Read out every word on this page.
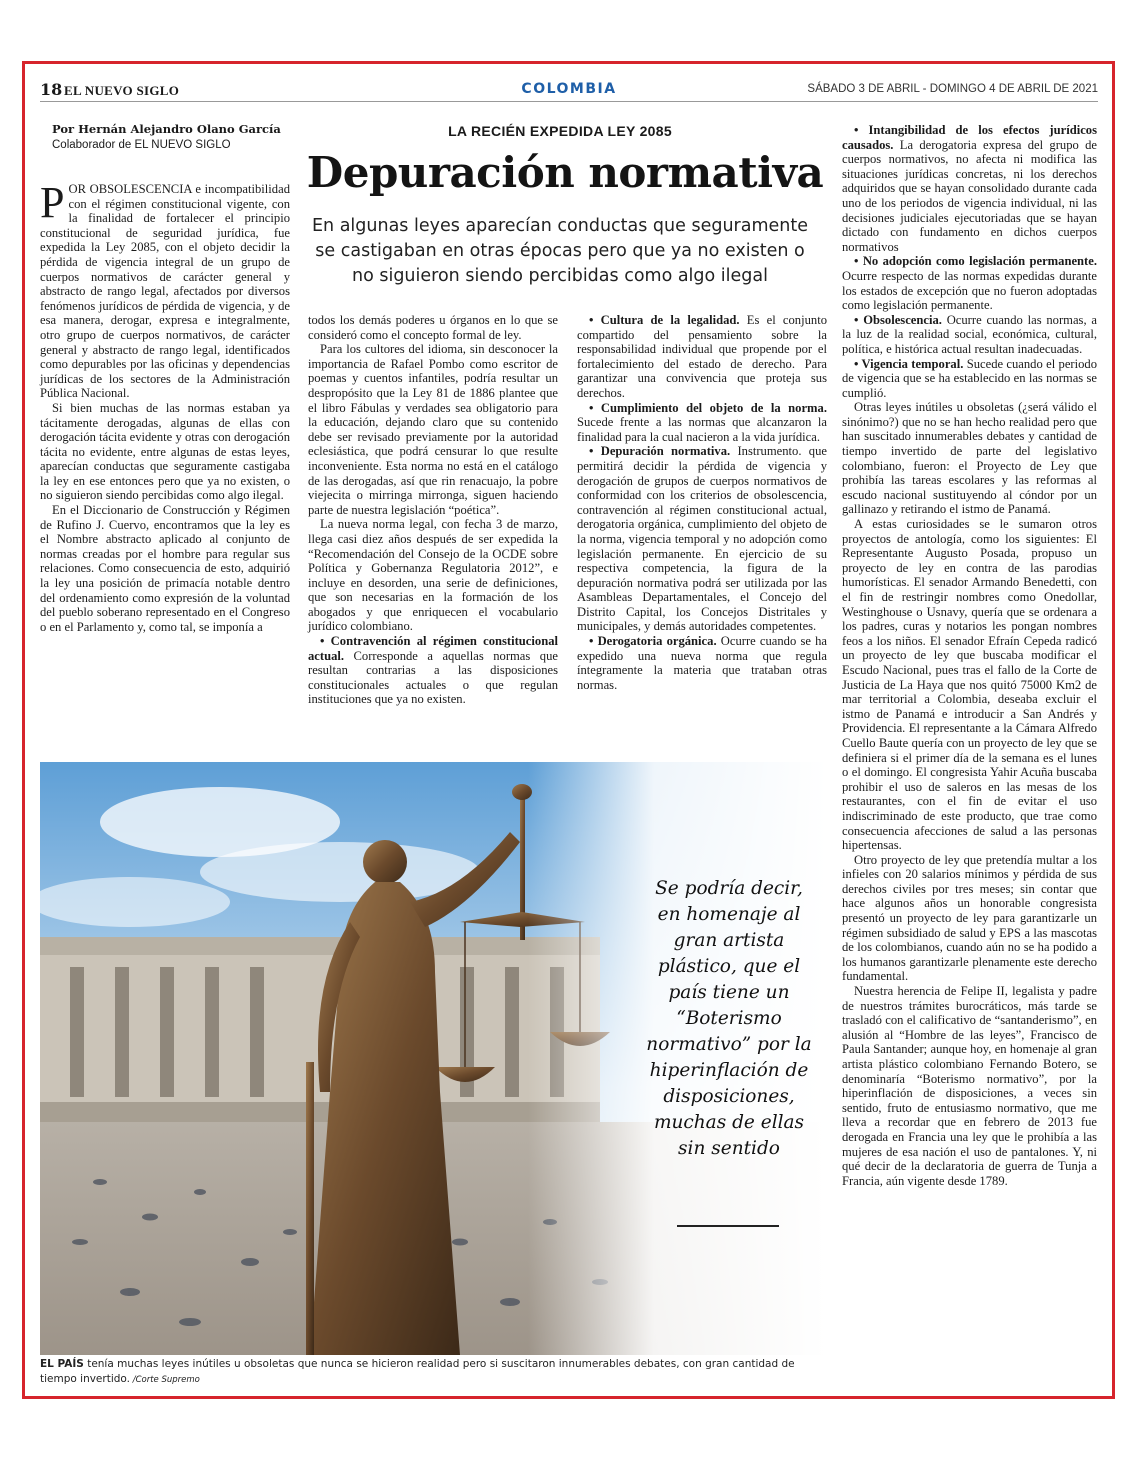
18 EL NUEVO SIGLO	COLOMBIA	SÁBADO 3 DE ABRIL - DOMINGO 4 DE ABRIL DE 2021
Por Hernán Alejandro Olano García
Colaborador de EL NUEVO SIGLO
LA RECIÉN EXPEDIDA LEY 2085
Depuración normativa
En algunas leyes aparecían conductas que seguramente se castigaban en otras épocas pero que ya no existen o no siguieron siendo percibidas como algo ilegal

POR OBSOLESCENCIA e incompatibilidad con el régimen constitucional vigente, con la finalidad de fortalecer el principio constitucional de seguridad jurídica, fue expedida la Ley 2085, con el objeto decidir la pérdida de vigencia integral de un grupo de cuerpos normativos de carácter general y abstracto de rango legal, afectados por diversos fenómenos jurídicos de pérdida de vigencia, y de esa manera, derogar, expresa e integralmente, otro grupo de cuerpos normativos, de carácter general y abstracto de rango legal, identificados como depurables por las oficinas y dependencias jurídicas de los sectores de la Administración Pública Nacional.

Si bien muchas de las normas estaban ya tácitamente derogadas, algunas de ellas con derogación tácita evidente y otras con derogación tácita no evidente, entre algunas de estas leyes, aparecían conductas que seguramente castigaba la ley en ese entonces pero que ya no existen, o no siguieron siendo percibidas como algo ilegal.

En el Diccionario de Construcción y Régimen de Rufino J. Cuervo, encontramos que la ley es el Nombre abstracto aplicado al conjunto de normas creadas por el hombre para regular sus relaciones. Como consecuencia de esto, adquirió la ley una posición de primacía notable dentro del ordenamiento como expresión de la voluntad del pueblo soberano representado en el Congreso o en el Parlamento y, como tal, se imponía a

todos los demás poderes u órganos en lo que se consideró como el concepto formal de ley.

Para los cultores del idioma, sin desconocer la importancia de Rafael Pombo como escritor de poemas y cuentos infantiles, podría resultar un despropósito que la Ley 81 de 1886 plantee que el libro Fábulas y verdades sea obligatorio para la educación, dejando claro que su contenido debe ser revisado previamente por la autoridad eclesiástica, que podrá censurar lo que resulte inconveniente. Esta norma no está en el catálogo de las derogadas, así que rin renacuajo, la pobre viejecita o mirringa mirronga, siguen haciendo parte de nuestra legislación “poética”.

La nueva norma legal, con fecha 3 de marzo, llega casi diez años después de ser expedida la “Recomendación del Consejo de la OCDE sobre Política y Gobernanza Regulatoria 2012”, e incluye en desorden, una serie de definiciones, que son necesarias en la formación de los abogados y que enriquecen el vocabulario jurídico colombiano.

• Contravención al régimen constitucional actual. Corresponde a aquellas normas que resultan contrarias a las disposiciones constitucionales actuales o que regulan instituciones que ya no existen.

• Cultura de la legalidad. Es el conjunto compartido del pensamiento sobre la responsabilidad individual que propende por el fortalecimiento del estado de derecho. Para garantizar una convivencia que proteja sus derechos.

• Cumplimiento del objeto de la norma. Sucede frente a las normas que alcanzaron la finalidad para la cual nacieron a la vida jurídica.

• Depuración normativa. Instrumento. que permitirá decidir la pérdida de vigencia y derogación de grupos de cuerpos normativos de conformidad con los criterios de obsolescencia, contravención al régimen constitucional actual, derogatoria orgánica, cumplimiento del objeto de la norma, vigencia temporal y no adopción como legislación permanente. En ejercicio de su respectiva competencia, la figura de la depuración normativa podrá ser utilizada por las Asambleas Departamentales, el Concejo del Distrito Capital, los Concejos Distritales y municipales, y demás autoridades competentes.

• Derogatoria orgánica. Ocurre cuando se ha expedido una nueva norma que regula íntegramente la materia que trataban otras normas.

• Intangibilidad de los efectos jurídicos causados. La derogatoria expresa del grupo de cuerpos normativos, no afecta ni modifica las situaciones jurídicas concretas, ni los derechos adquiridos que se hayan consolidado durante cada uno de los periodos de vigencia individual, ni las decisiones judiciales ejecutoriadas que se hayan dictado con fundamento en dichos cuerpos normativos

• No adopción como legislación permanente. Ocurre respecto de las normas expedidas durante los estados de excepción que no fueron adoptadas como legislación permanente.

• Obsolescencia. Ocurre cuando las normas, a la luz de la realidad social, económica, cultural, política, e histórica actual resultan inadecuadas.

• Vigencia temporal. Sucede cuando el periodo de vigencia que se ha establecido en las normas se cumplió.

Otras leyes inútiles u obsoletas (¿será válido el sinónimo?) que no se han hecho realidad pero que han suscitado innumerables debates y cantidad de tiempo invertido de parte del legislativo colombiano, fueron: el Proyecto de Ley que prohibía las tareas escolares y las reformas al escudo nacional sustituyendo al cóndor por un gallinazo y retirando el istmo de Panamá.

A estas curiosidades se le sumaron otros proyectos de antología, como los siguientes: El Representante Augusto Posada, propuso un proyecto de ley en contra de las parodias humorísticas. El senador Armando Benedetti, con el fin de restringir nombres como Onedollar, Westinghouse o Usnavy, quería que se ordenara a los padres, curas y notarios les pongan nombres feos a los niños. El senador Efraín Cepeda radicó un proyecto de ley que buscaba modificar el Escudo Nacional, pues tras el fallo de la Corte de Justicia de La Haya que nos quitó 75000 Km2 de mar territorial a Colombia, deseaba excluir el istmo de Panamá e introducir a San Andrés y Providencia. El representante a la Cámara Alfredo Cuello Baute quería con un proyecto de ley que se definiera si el primer día de la semana es el lunes o el domingo. El congresista Yahir Acuña buscaba prohibir el uso de saleros en las mesas de los restaurantes, con el fin de evitar el uso indiscriminado de este producto, que trae como consecuencia afecciones de salud a las personas hipertensas.

Otro proyecto de ley que pretendía multar a los infieles con 20 salarios mínimos y pérdida de sus derechos civiles por tres meses; sin contar que hace algunos años un honorable congresista presentó un proyecto de ley para garantizarle un régimen subsidiado de salud y EPS a las mascotas de los colombianos, cuando aún no se ha podido a los humanos garantizarle plenamente este derecho fundamental.

Nuestra herencia de Felipe II, legalista y padre de nuestros trámites burocráticos, más tarde se trasladó con el calificativo de “santanderismo”, en alusión al “Hombre de las leyes”, Francisco de Paula Santander; aunque hoy, en homenaje al gran artista plástico colombiano Fernando Botero, se denominaría “Boterismo normativo”, por la hiperinflación de disposiciones, a veces sin sentido, fruto de entusiasmo normativo, que me lleva a recordar que en febrero de 2013 fue derogada en Francia una ley que le prohibía a las mujeres de esa nación el uso de pantalones. Y, ni qué decir de la declaratoria de guerra de Tunja a Francia, aún vigente desde 1789.

Se podría decir, en homenaje al gran artista plástico, que el país tiene un “Boterismo normativo” por la hiperinflación de disposiciones, muchas de ellas sin sentido
EL PAÍS tenía muchas leyes inútiles u obsoletas que nunca se hicieron realidad pero si suscitaron innumerables debates, con gran cantidad de tiempo invertido. /Corte Supremo
